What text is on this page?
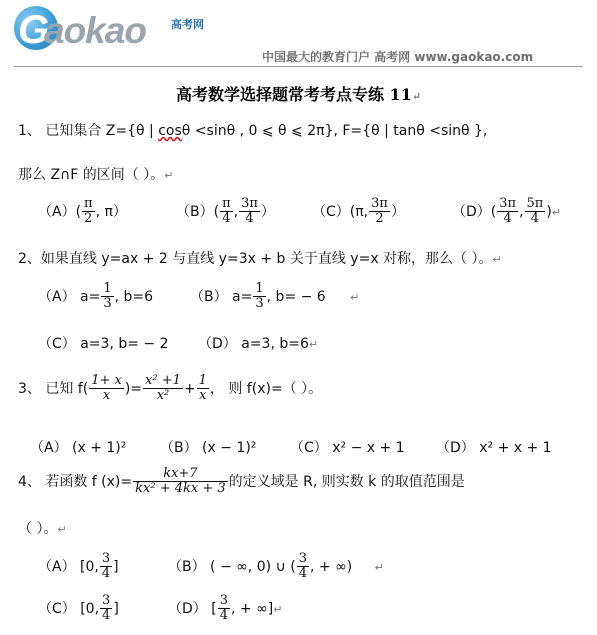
G
aokao 高考网
中国最大的教育门户 高考网 www.gaokao.com
高考数学选择题常考考点专练 11↵
1、 已知集合 Z={θ | cosθ <sinθ , 0 ⩽ θ ⩽ 2π}, F={θ | tanθ <sinθ },
那么 Z∩F 的区间（ ）。↵
$(A)( \frac{\pi}{2}$ , π）	$(B)( \frac{\pi}{4}$ , $\frac{3\pi}{4}$ ）	（C）(π, $\frac{3\pi}{2}$ ）	$(D)( \frac{3\pi}{4}$ , $\frac{5\pi}{4}$ )↵
2、如果直线 y=ax + 2 与直线 y=3x + b 关于直线 y=x 对称，那么（ ）。↵
（A） $a= \frac{1}{3}$ , b=6	（B） $a= \frac{1}{3}$ , b= − 6 ↵
（C） a=3, b= − 2 （D） a=3, b=6↵
3、 已知 $f( \frac{1+ x}{x}$ )= $\frac{\text{x² +1}}{\text{x²}} + \frac{1}{x}$ ， 则 f(x)=（ ）。
（A） (x + 1)² （B） (x − 1)² （C） x² − x + 1 （D） x² + x + 1
4、 若函数 f $(x)= \frac{kx+7}{\text{kx² + 4kx + 3}}$ 的定义域是 R, 则实数 k 的取值范围是
（ ）。↵
（A） [0, $\frac{3}{4}$ ]	（B） ( − ∞, 0) ∪ ( $\frac{3}{4}$ , + ∞) ↵
（C） [0, $\frac{3}{4}$ ]	（D） [ $\frac{3}{4}$ , + ∞]↵
